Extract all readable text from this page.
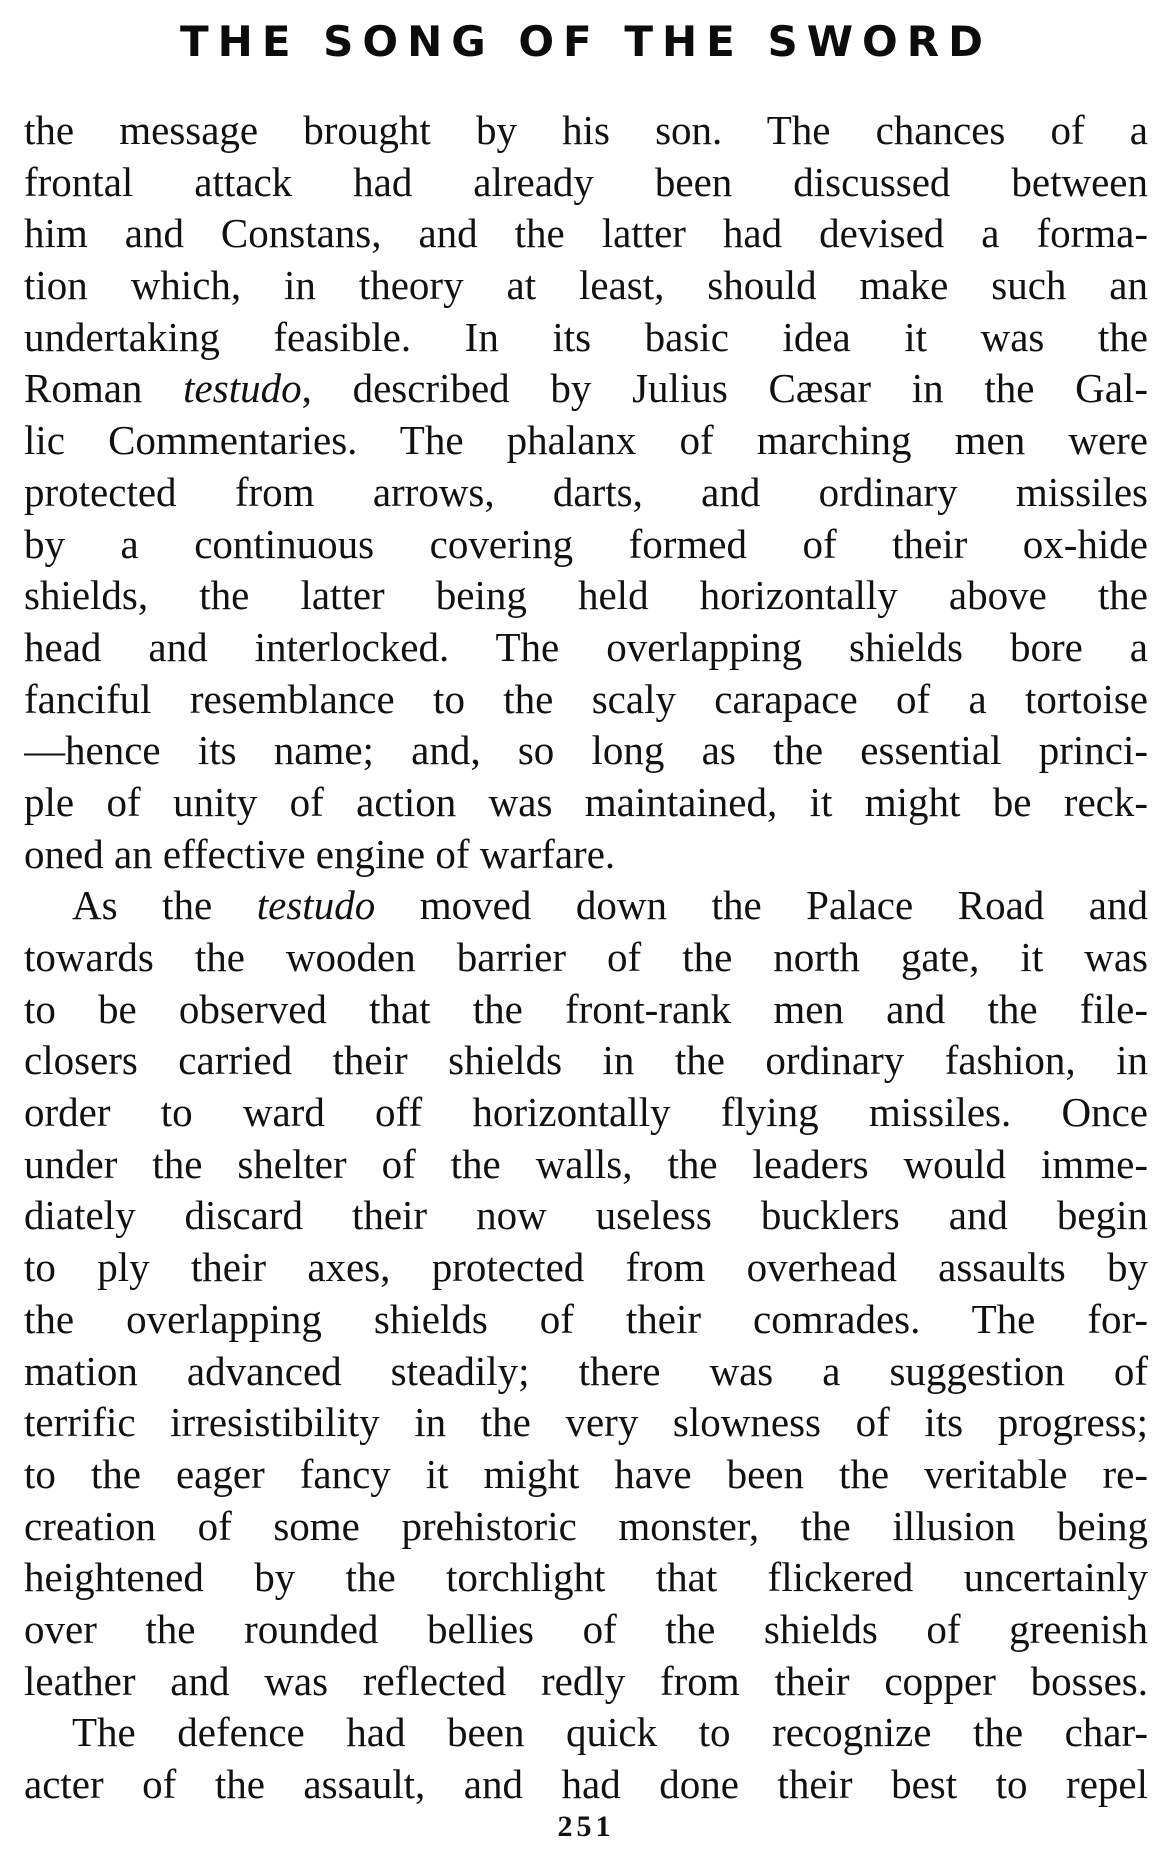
THE SONG OF THE SWORD
the message brought by his son. The chances of a
frontal attack had already been discussed between
him and Constans, and the latter had devised a forma-
tion which, in theory at least, should make such an
undertaking feasible. In its basic idea it was the
Roman testudo, described by Julius Cæsar in the Gal-
lic Commentaries. The phalanx of marching men were
protected from arrows, darts, and ordinary missiles
by a continuous covering formed of their ox-hide
shields, the latter being held horizontally above the
head and interlocked. The overlapping shields bore a
fanciful resemblance to the scaly carapace of a tortoise
—hence its name; and, so long as the essential princi-
ple of unity of action was maintained, it might be reck-
oned an effective engine of warfare.
As the testudo moved down the Palace Road and
towards the wooden barrier of the north gate, it was
to be observed that the front-rank men and the file-
closers carried their shields in the ordinary fashion, in
order to ward off horizontally flying missiles. Once
under the shelter of the walls, the leaders would imme-
diately discard their now useless bucklers and begin
to ply their axes, protected from overhead assaults by
the overlapping shields of their comrades. The for-
mation advanced steadily; there was a suggestion of
terrific irresistibility in the very slowness of its progress;
to the eager fancy it might have been the veritable re-
creation of some prehistoric monster, the illusion being
heightened by the torchlight that flickered uncertainly
over the rounded bellies of the shields of greenish
leather and was reflected redly from their copper bosses.
The defence had been quick to recognize the char-
acter of the assault, and had done their best to repel
251
